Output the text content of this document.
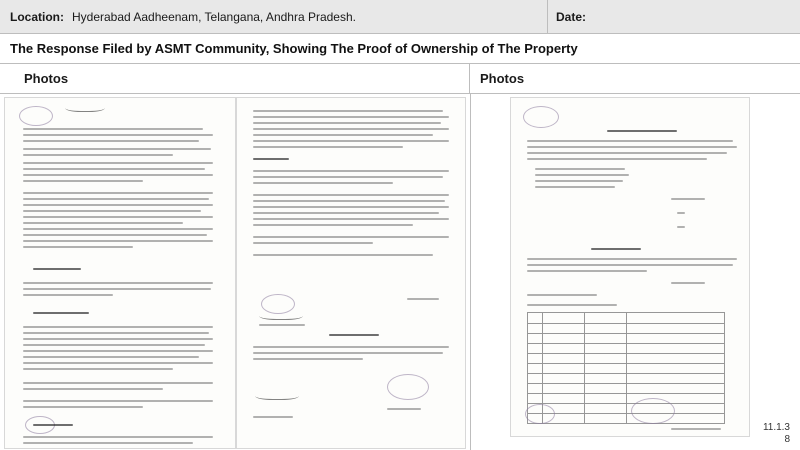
Location: Hyderabad Aadheenam, Telangana, Andhra Pradesh.	Date:
The Response Filed by ASMT Community, Showing The Proof of Ownership of The Property
Photos	Photos
11.1.3
8
